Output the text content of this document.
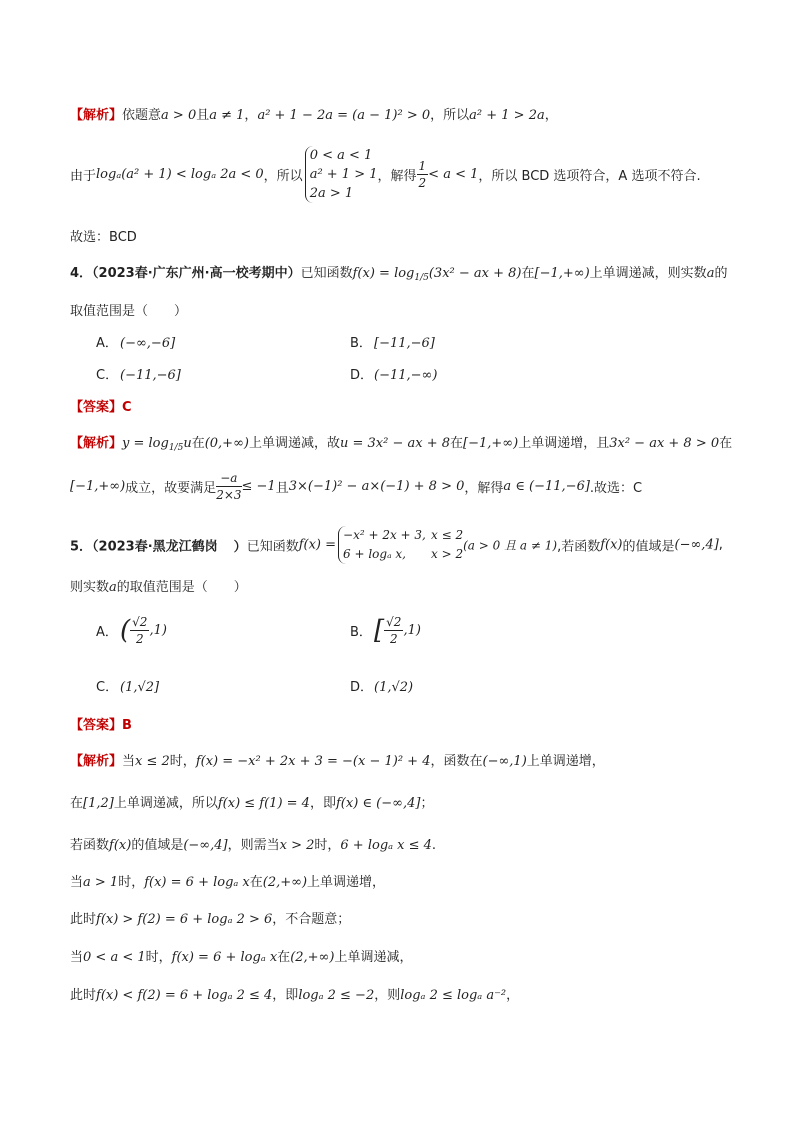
【解析】依题意a > 0且a ≠ 1，a² + 1 − 2a = (a − 1)² > 0，所以a² + 1 > 2a，
由于logₐ(a² + 1) < logₐ 2a < 0，所以
0 < a < 1
a² + 1 > 1
2a > 1
，解得 $\frac{1}{2} < a < 1$，所以 BCD 选项符合，A 选项不符合.
故选：BCD
4．（2023春·广东广州·高一校考期中）已知函数$f(x) = \log_{1/5}(3x^2$ − ax + 8)在[−1,+∞)上单调递减，则实数a的
取值范围是（　　）
A． (−∞,−6]	B． [−11,−6]
C． (−11,−6]	D．(−11,−∞)
【答案】C
【解析】$y = \log_{1/5}u$在(0,+∞)上单调递减，故u = 3x² − ax + 8在[−1,+∞)上单调递增，且3x² − ax + 8 > 0在
[−1,+∞)成立，故要满足 $\frac{-a}{2\times 3} \le -1$且3×(−1)² − a×(−1) + 8 > 0，解得a ∈ (−11,−6].故选：C
5．（2023春·黑龙江鹤岗 ）已知函数f(x) =
−x² + 2x + 3, x ≤ 2
6 + logₐ x, x > 2
(a > 0 且 a ≠ 1),若函数f(x)的值域是(−∞,4],
则实数a的取值范围是（　　）
A．( $\frac{√2}{2} ,1$)	B．[ $\frac{√2}{2} ,1$)
C． (1,√2]	D．(1,√2)
【答案】B
【解析】当x ≤ 2时，f(x) = −x² + 2x + 3 = −(x − 1)² + 4，函数在(−∞,1)上单调递增，
在[1,2]上单调递减，所以f(x) ≤ f(1) = 4，即f(x) ∈ (−∞,4]；
若函数f(x)的值域是(−∞,4]，则需当x > 2时，6 + logₐ x ≤ 4.
当a > 1时，f(x) = 6 + logₐ x在(2,+∞)上单调递增，
此时f(x) > f(2) = 6 + logₐ 2 > 6，不合题意；
当0 < a < 1时，f(x) = 6 + logₐ x在(2,+∞)上单调递减，
此时f(x) < f(2) = 6 + logₐ 2 ≤ 4，即logₐ 2 ≤ −2，则logₐ 2 ≤ logₐ a⁻²，
